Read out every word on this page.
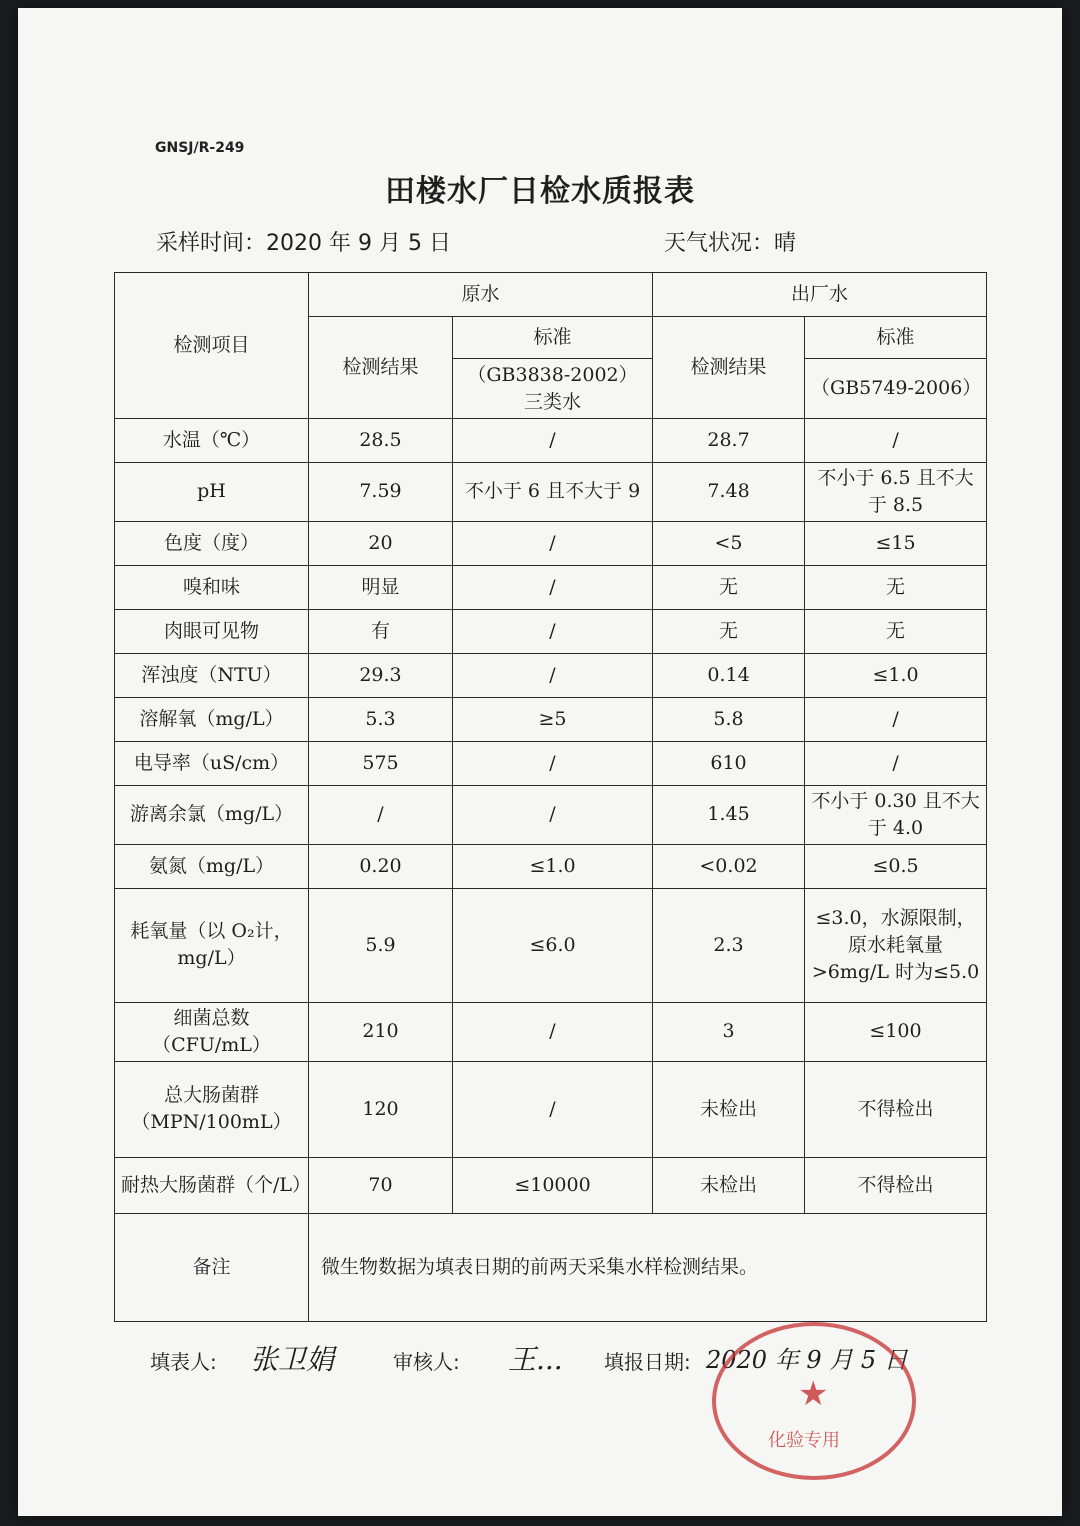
GNSJ/R-249
田楼水厂日检水质报表
采样时间：2020 年 9 月 5 日	天气状况：晴
检测项目	原水		出厂水	
	检测结果	标准	检测结果	标准
		（GB3838-2002）三类水		（GB5749-2006）
水温（℃）	28.5	/	28.7	/
pH	7.59	不小于 6 且不大于 9	7.48	不小于 6.5 且不大于 8.5
色度（度）	20	/	<5	≤15
嗅和味	明显	/	无	无
肉眼可见物	有	/	无	无
浑浊度（NTU）	29.3	/	0.14	≤1.0
溶解氧（mg/L）	5.3	≥5	5.8	/
电导率（uS/cm）	575	/	610	/
游离余氯（mg/L）	/	/	1.45	不小于 0.30 且不大于 4.0
氨氮（mg/L）	0.20	≤1.0	<0.02	≤0.5
耗氧量（以 O₂计，mg/L）	5.9	≤6.0	2.3	≤3.0，水源限制，原水耗氧量>6mg/L 时为≤5.0
细菌总数（CFU/mL）	210	/	3	≤100
总大肠菌群（MPN/100mL）	120	/	未检出	不得检出
耐热大肠菌群（个/L）	70	≤10000	未检出	不得检出
备注	微生物数据为填表日期的前两天采集水样检测结果。			
填表人: 张卫娟	审核人: 王... 填报日期: 2020 年 9 月 5 日
★
化验专用
